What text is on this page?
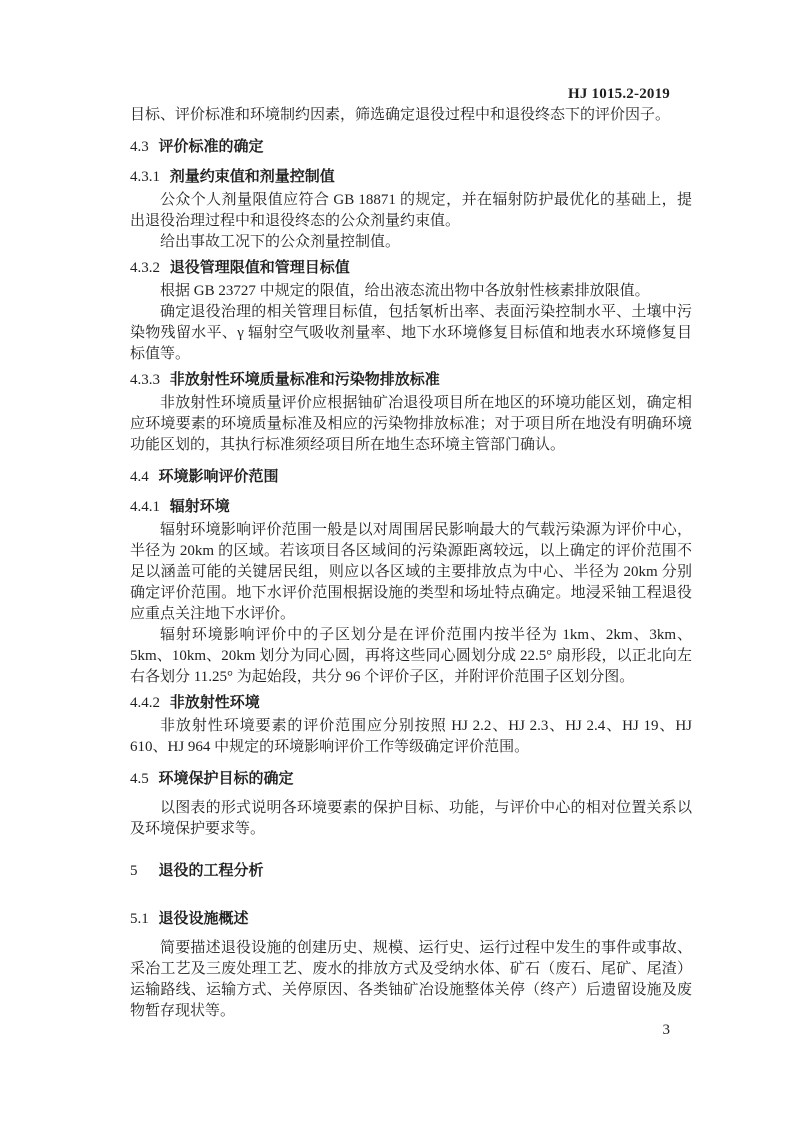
HJ 1015.2-2019

目标、评价标准和环境制约因素，筛选确定退役过程中和退役终态下的评价因子。

4.3 评价标准的确定
4.3.1 剂量约束值和剂量控制值

公众个人剂量限值应符合 GB 18871 的规定，并在辐射防护最优化的基础上，提出退役治理过程中和退役终态的公众剂量约束值。

给出事故工况下的公众剂量控制值。

4.3.2 退役管理限值和管理目标值

根据 GB 23727 中规定的限值，给出液态流出物中各放射性核素排放限值。

确定退役治理的相关管理目标值，包括氡析出率、表面污染控制水平、土壤中污染物残留水平、γ 辐射空气吸收剂量率、地下水环境修复目标值和地表水环境修复目标值等。

4.3.3 非放射性环境质量标准和污染物排放标准

非放射性环境质量评价应根据铀矿冶退役项目所在地区的环境功能区划，确定相应环境要素的环境质量标准及相应的污染物排放标准；对于项目所在地没有明确环境功能区划的，其执行标准须经项目所在地生态环境主管部门确认。

4.4 环境影响评价范围
4.4.1 辐射环境

辐射环境影响评价范围一般是以对周围居民影响最大的气载污染源为评价中心，半径为 20km 的区域。若该项目各区域间的污染源距离较远，以上确定的评价范围不足以涵盖可能的关键居民组，则应以各区域的主要排放点为中心、半径为 20km 分别确定评价范围。地下水评价范围根据设施的类型和场址特点确定。地浸采铀工程退役应重点关注地下水评价。

辐射环境影响评价中的子区划分是在评价范围内按半径为 1km、2km、3km、5km、10km、20km 划分为同心圆，再将这些同心圆划分成 22.5° 扇形段，以正北向左右各划分 11.25° 为起始段，共分 96 个评价子区，并附评价范围子区划分图。

4.4.2 非放射性环境

非放射性环境要素的评价范围应分别按照 HJ 2.2、HJ 2.3、HJ 2.4、HJ 19、HJ 610、HJ 964 中规定的环境影响评价工作等级确定评价范围。

4.5 环境保护目标的确定

以图表的形式说明各环境要素的保护目标、功能，与评价中心的相对位置关系以及环境保护要求等。

5 退役的工程分析
5.1 退役设施概述

简要描述退役设施的创建历史、规模、运行史、运行过程中发生的事件或事故、采冶工艺及三废处理工艺、废水的排放方式及受纳水体、矿石（废石、尾矿、尾渣）运输路线、运输方式、关停原因、各类铀矿冶设施整体关停（终产）后遗留设施及废物暂存现状等。

3
